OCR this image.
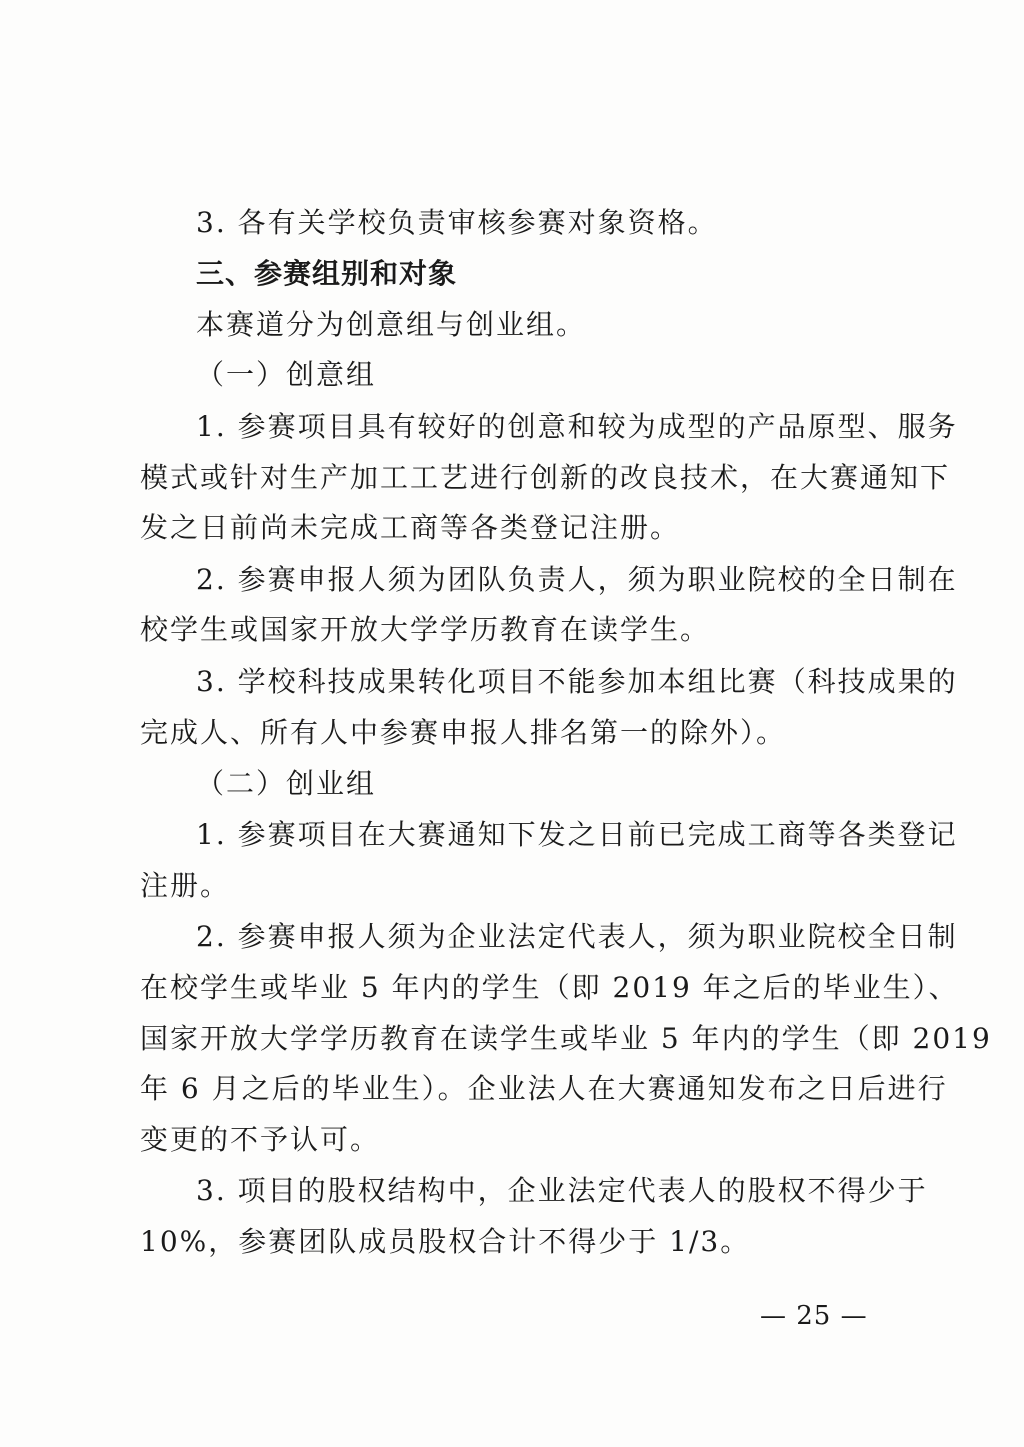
3. 各有关学校负责审核参赛对象资格。
三、参赛组别和对象
本赛道分为创意组与创业组。
（一）创意组
1. 参赛项目具有较好的创意和较为成型的产品原型、服务
模式或针对生产加工工艺进行创新的改良技术，在大赛通知下
发之日前尚未完成工商等各类登记注册。
2. 参赛申报人须为团队负责人，须为职业院校的全日制在
校学生或国家开放大学学历教育在读学生。
3. 学校科技成果转化项目不能参加本组比赛（科技成果的
完成人、所有人中参赛申报人排名第一的除外）。
（二）创业组
1. 参赛项目在大赛通知下发之日前已完成工商等各类登记
注册。
2. 参赛申报人须为企业法定代表人，须为职业院校全日制
在校学生或毕业 5 年内的学生（即 2019 年之后的毕业生）、
国家开放大学学历教育在读学生或毕业 5 年内的学生（即 2019
年 6 月之后的毕业生）。企业法人在大赛通知发布之日后进行
变更的不予认可。
3. 项目的股权结构中，企业法定代表人的股权不得少于
10%，参赛团队成员股权合计不得少于 1/3。
— 25 —
